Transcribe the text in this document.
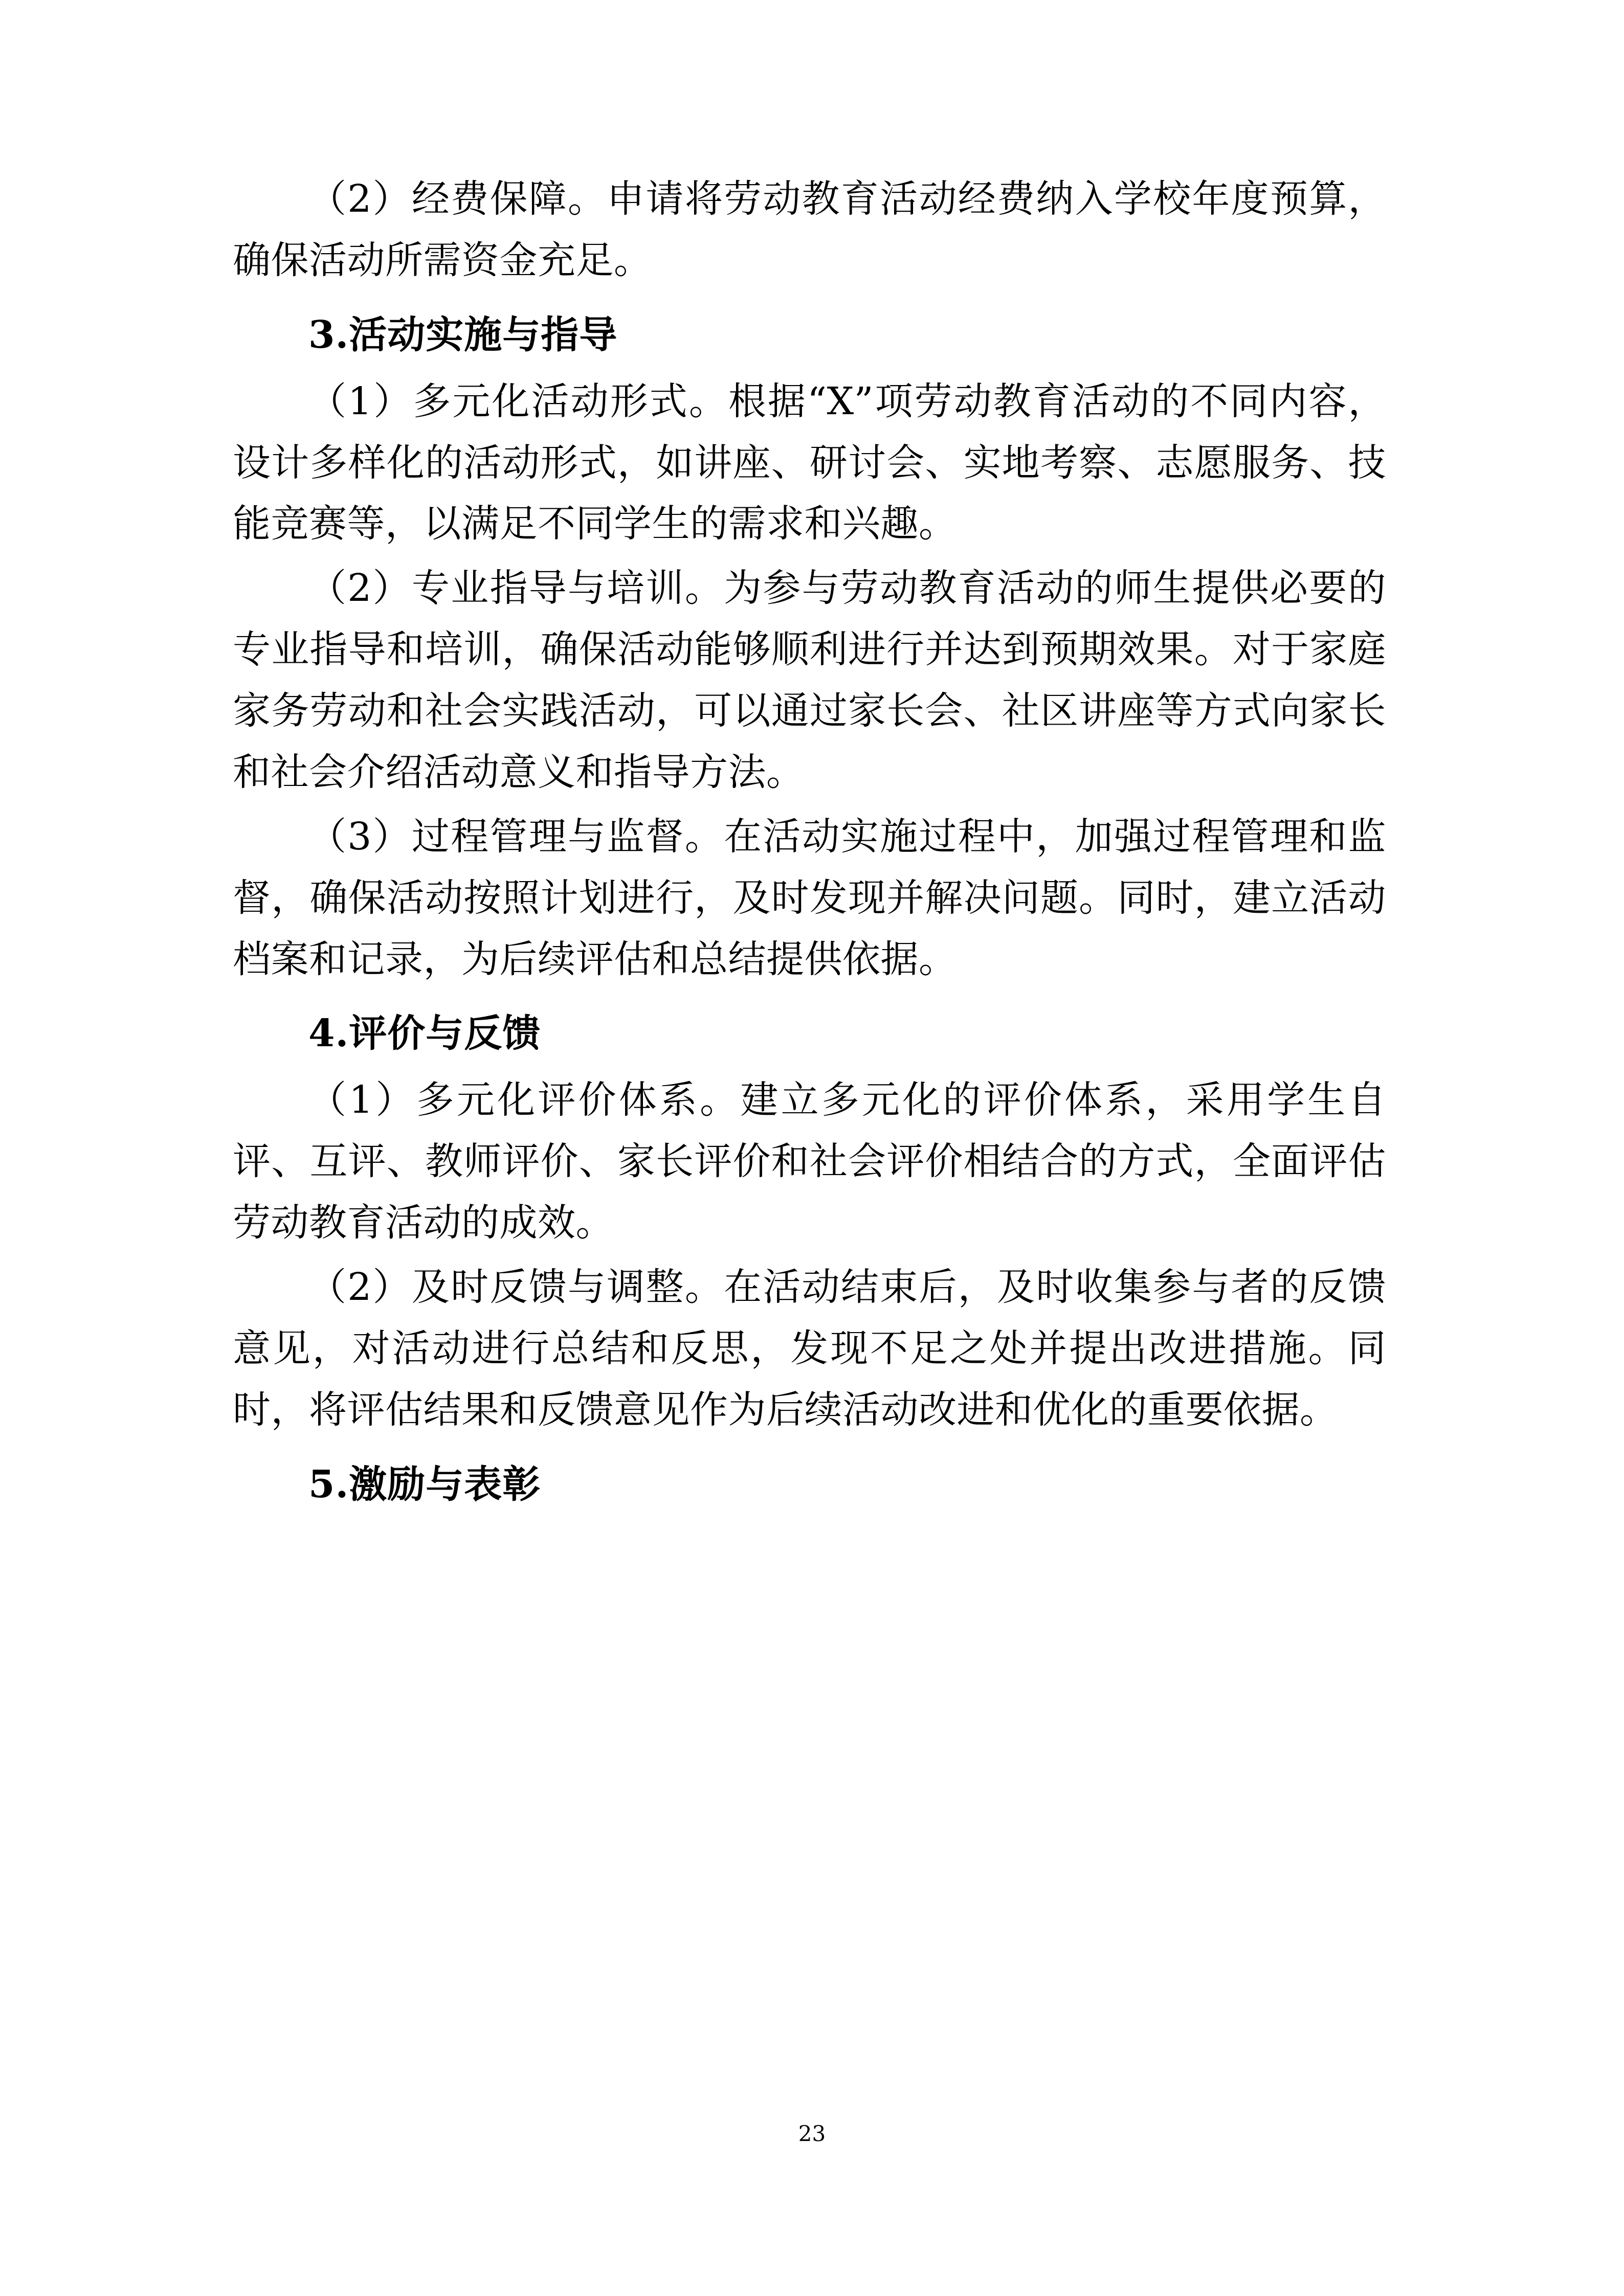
（2）经费保障。申请将劳动教育活动经费纳入学校年度预算，确保活动所需资金充足。

3.活动实施与指导

（1）多元化活动形式。根据“X”项劳动教育活动的不同内容，设计多样化的活动形式，如讲座、研讨会、实地考察、志愿服务、技能竞赛等，以满足不同学生的需求和兴趣。

（2）专业指导与培训。为参与劳动教育活动的师生提供必要的专业指导和培训，确保活动能够顺利进行并达到预期效果。对于家庭家务劳动和社会实践活动，可以通过家长会、社区讲座等方式向家长和社会介绍活动意义和指导方法。

（3）过程管理与监督。在活动实施过程中，加强过程管理和监督，确保活动按照计划进行，及时发现并解决问题。同时，建立活动档案和记录，为后续评估和总结提供依据。

4.评价与反馈

（1）多元化评价体系。建立多元化的评价体系，采用学生自评、互评、教师评价、家长评价和社会评价相结合的方式，全面评估劳动教育活动的成效。

（2）及时反馈与调整。在活动结束后，及时收集参与者的反馈意见，对活动进行总结和反思，发现不足之处并提出改进措施。同时，将评估结果和反馈意见作为后续活动改进和优化的重要依据。

5.激励与表彰
23
